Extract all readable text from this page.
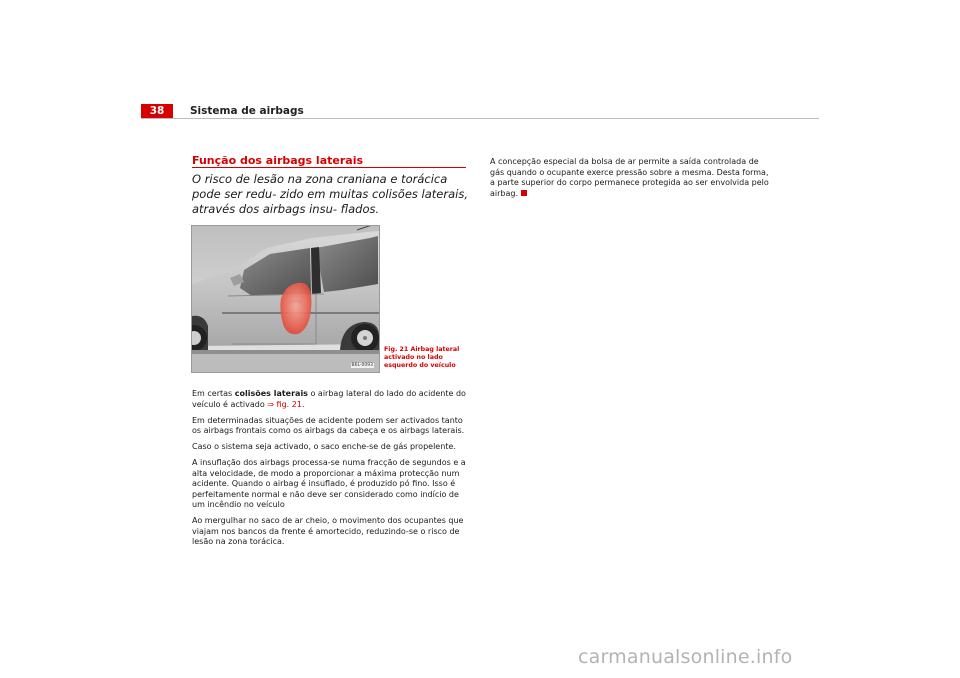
38	Sistema de airbags
Função dos airbags laterais

O risco de lesão na zona craniana e torácica pode ser redu- zido em muitas colisões laterais, através dos airbags insu- flados.

B6L-0093

Fig. 21 Airbag lateral activado no lado esquerdo do veículo

Em certas colisões laterais o airbag lateral do lado do acidente do veículo é activado ⇒ fig. 21.

Em determinadas situações de acidente podem ser activados tanto os airbags frontais como os airbags da cabeça e os airbags laterais.

Caso o sistema seja activado, o saco enche-se de gás propelente.

A insuflação dos airbags processa-se numa fracção de segundos e a alta velocidade, de modo a proporcionar a máxima protecção num acidente. Quando o airbag é insuflado, é produzido pó fino. Isso é perfeitamente normal e não deve ser considerado como indício de um incêndio no veículo

Ao mergulhar no saco de ar cheio, o movimento dos ocupantes que viajam nos bancos da frente é amortecido, reduzindo-se o risco de lesão na zona torácica.

A concepção especial da bolsa de ar permite a saída controlada de gás quando o ocupante exerce pressão sobre a mesma. Desta forma, a parte superior do corpo permanece protegida ao ser envolvida pelo airbag.

carmanualsonline.info
